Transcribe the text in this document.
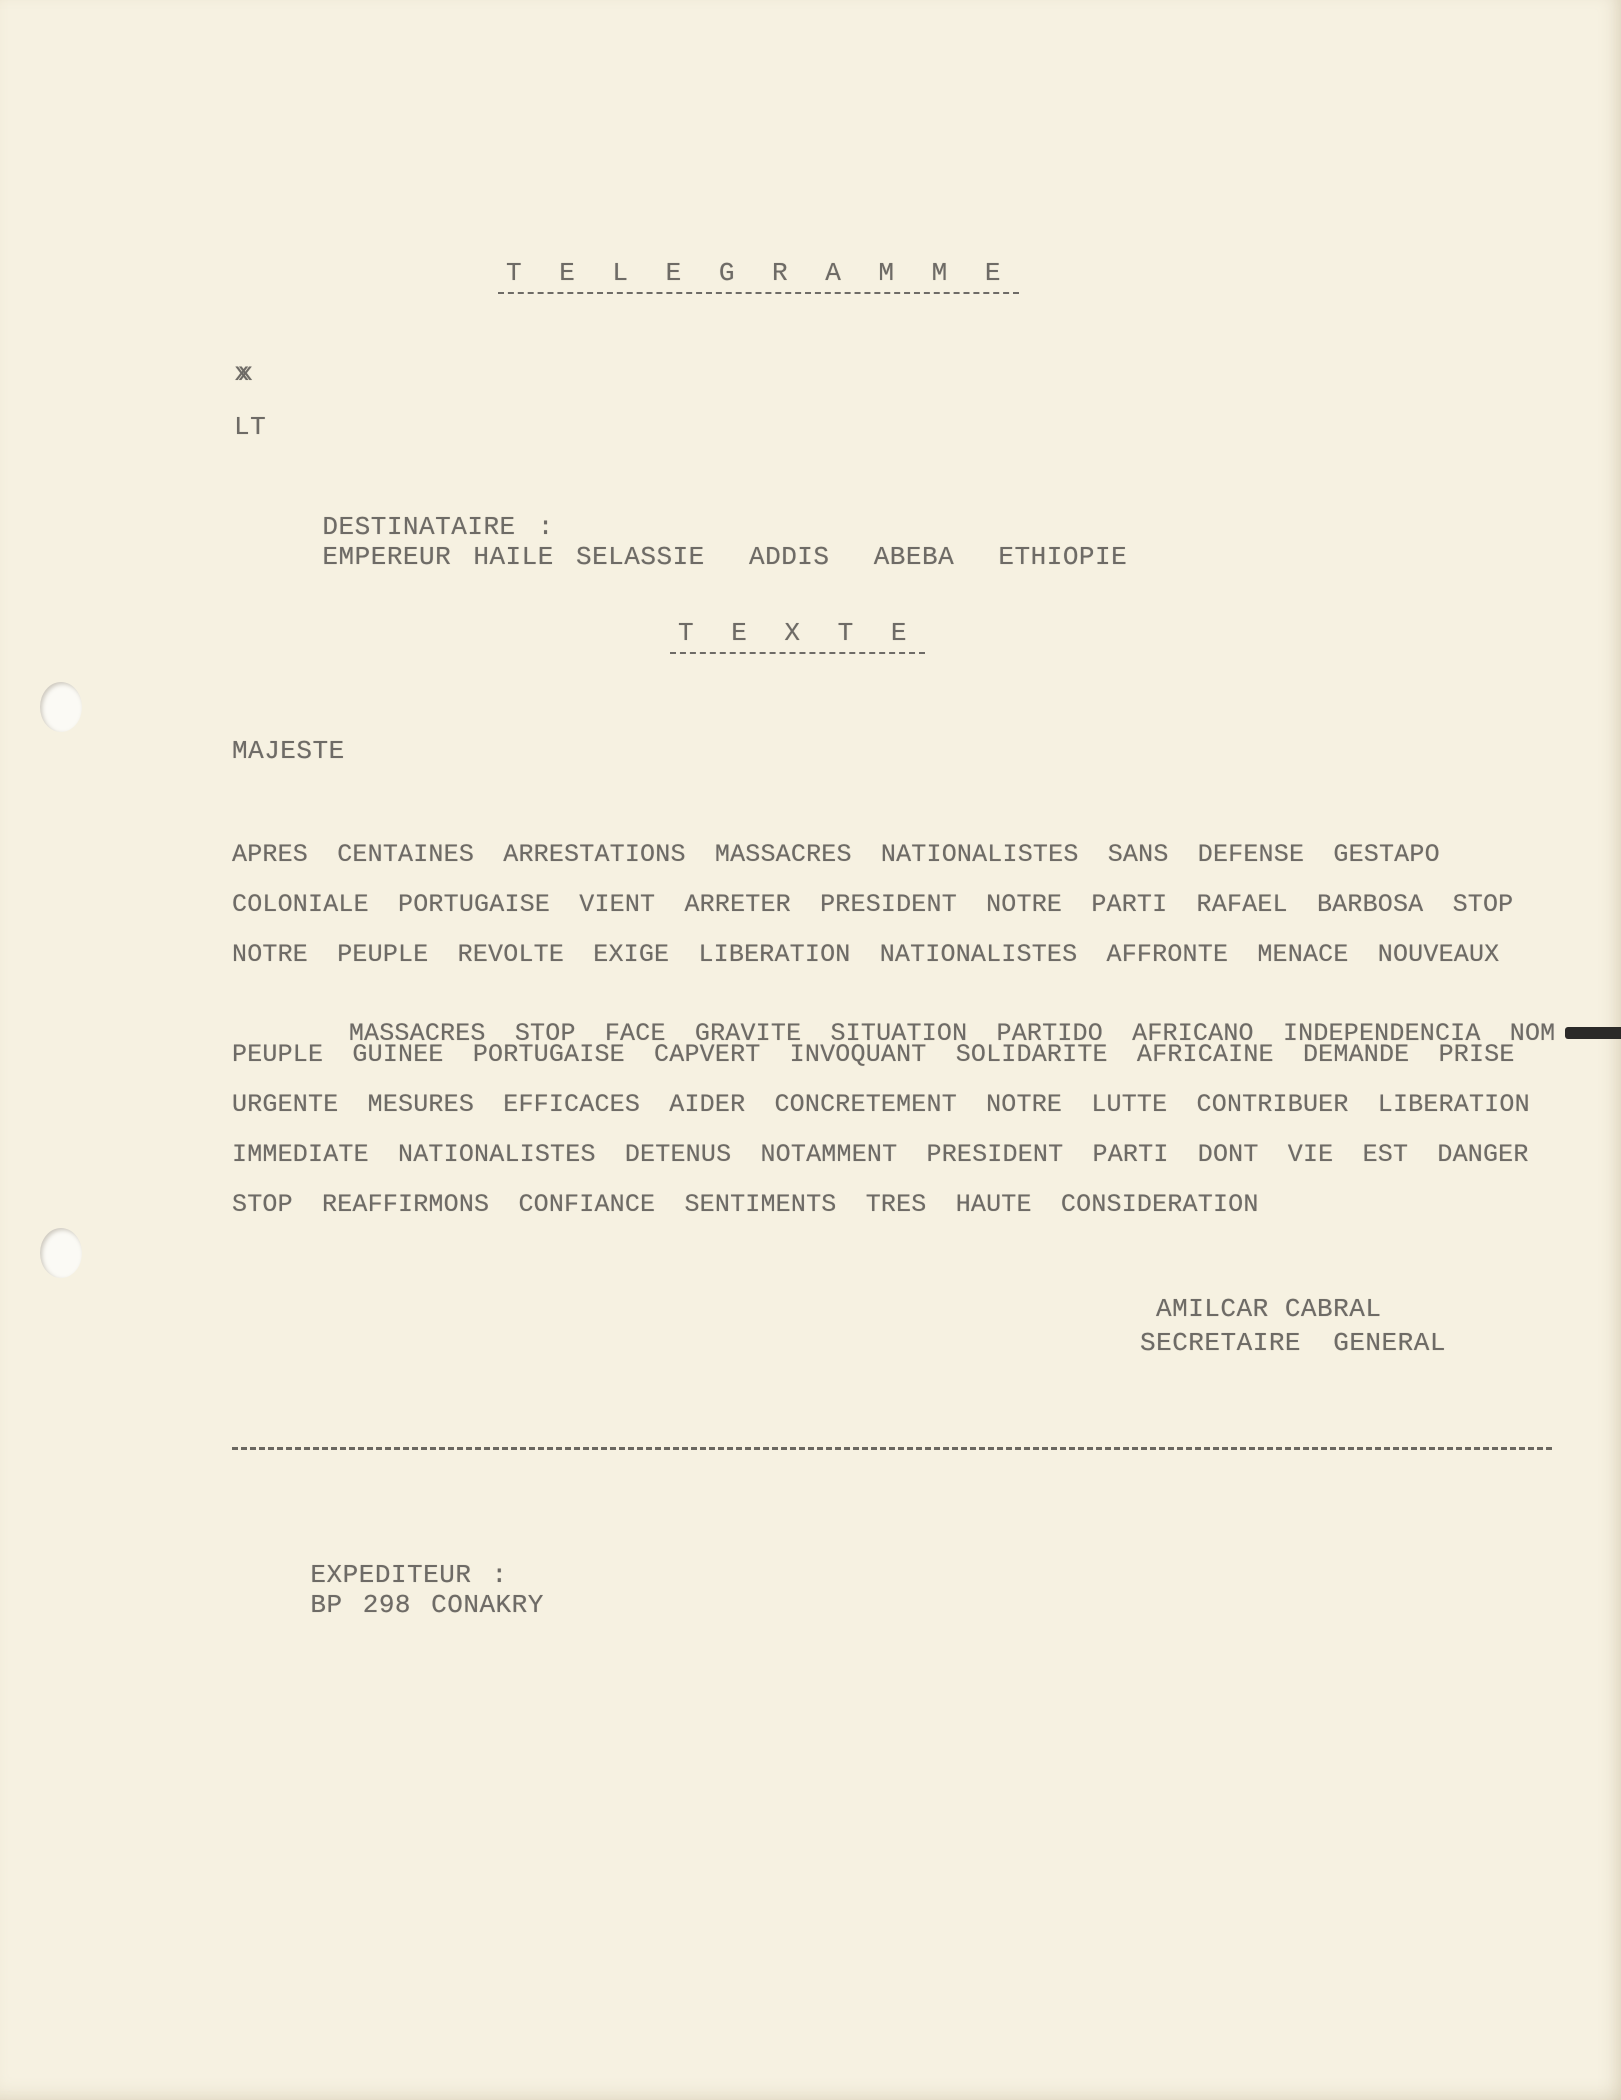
T E L E G R A M M E
xx
LT

DESTINATAIRE :
EMPEREUR HAILE SELASSIE  ADDIS  ABEBA  ETHIOPIE

T E X T E
MAJESTE
APRES CENTAINES ARRESTATIONS MASSACRES NATIONALISTES SANS DEFENSE GESTAPO
COLONIALE PORTUGAISE VIENT ARRETER PRESIDENT NOTRE PARTI RAFAEL BARBOSA STOP
NOTRE PEUPLE REVOLTE EXIGE LIBERATION NATIONALISTES AFFRONTE MENACE NOUVEAUX

MASSACRES STOP FACE GRAVITE SITUATION PARTIDO AFRICANO INDEPENDENCIA NOM

PEUPLE GUINEE PORTUGAISE CAPVERT INVOQUANT SOLIDARITE AFRICAINE DEMANDE PRISE
URGENTE MESURES EFFICACES AIDER CONCRETEMENT NOTRE LUTTE CONTRIBUER LIBERATION
IMMEDIATE NATIONALISTES DETENUS NOTAMMENT PRESIDENT PARTI DONT VIE EST DANGER
STOP REAFFIRMONS CONFIANCE SENTIMENTS TRES HAUTE CONSIDERATION
AMILCAR CABRAL
SECRETAIRE  GENERAL

EXPEDITEUR :
BP 298 CONAKRY
